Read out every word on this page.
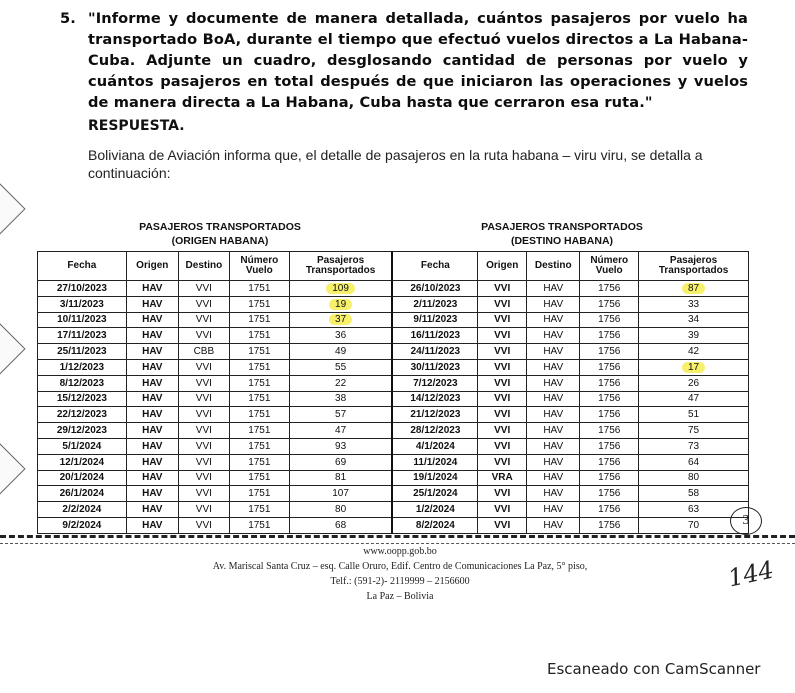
5. "Informe y documente de manera detallada, cuántos pasajeros por vuelo ha transportado BoA, durante el tiempo que efectuó vuelos directos a La Habana-Cuba. Adjunte un cuadro, desglosando cantidad de personas por vuelo y cuántos pasajeros en total después de que iniciaron las operaciones y vuelos de manera directa a La Habana, Cuba hasta que cerraron esa ruta."
RESPUESTA.
Boliviana de Aviación informa que, el detalle de pasajeros en la ruta habana – viru viru, se detalla a continuación:
PASAJEROS TRANSPORTADOS
(ORIGEN HABANA)
PASAJEROS TRANSPORTADOS
(DESTINO HABANA)
Fecha	Origen	Destino	Número Vuelo	Pasajeros Transportados	Fecha	Origen	Destino	Número Vuelo	Pasajeros Transportados
27/10/2023	HAV	VVI	1751	109	26/10/2023	VVI	HAV	1756	87
3/11/2023	HAV	VVI	1751	19	2/11/2023	VVI	HAV	1756	33
10/11/2023	HAV	VVI	1751	37	9/11/2023	VVI	HAV	1756	34
17/11/2023	HAV	VVI	1751	36	16/11/2023	VVI	HAV	1756	39
25/11/2023	HAV	CBB	1751	49	24/11/2023	VVI	HAV	1756	42
1/12/2023	HAV	VVI	1751	55	30/11/2023	VVI	HAV	1756	17
8/12/2023	HAV	VVI	1751	22	7/12/2023	VVI	HAV	1756	26
15/12/2023	HAV	VVI	1751	38	14/12/2023	VVI	HAV	1756	47
22/12/2023	HAV	VVI	1751	57	21/12/2023	VVI	HAV	1756	51
29/12/2023	HAV	VVI	1751	47	28/12/2023	VVI	HAV	1756	75
5/1/2024	HAV	VVI	1751	93	4/1/2024	VVI	HAV	1756	73
12/1/2024	HAV	VVI	1751	69	11/1/2024	VVI	HAV	1756	64
20/1/2024	HAV	VVI	1751	81	19/1/2024	VRA	HAV	1756	80
26/1/2024	HAV	VVI	1751	107	25/1/2024	VVI	HAV	1756	58
2/2/2024	HAV	VVI	1751	80	1/2/2024	VVI	HAV	1756	63
9/2/2024	HAV	VVI	1751	68	8/2/2024	VVI	HAV	1756	70	3
www.oopp.gob.bo
Av. Mariscal Santa Cruz – esq. Calle Oruro, Edif. Centro de Comunicaciones La Paz, 5° piso,
Telf.: (591-2)- 2119999 – 2156600
La Paz – Bolivia
144
Escaneado con CamScanner
